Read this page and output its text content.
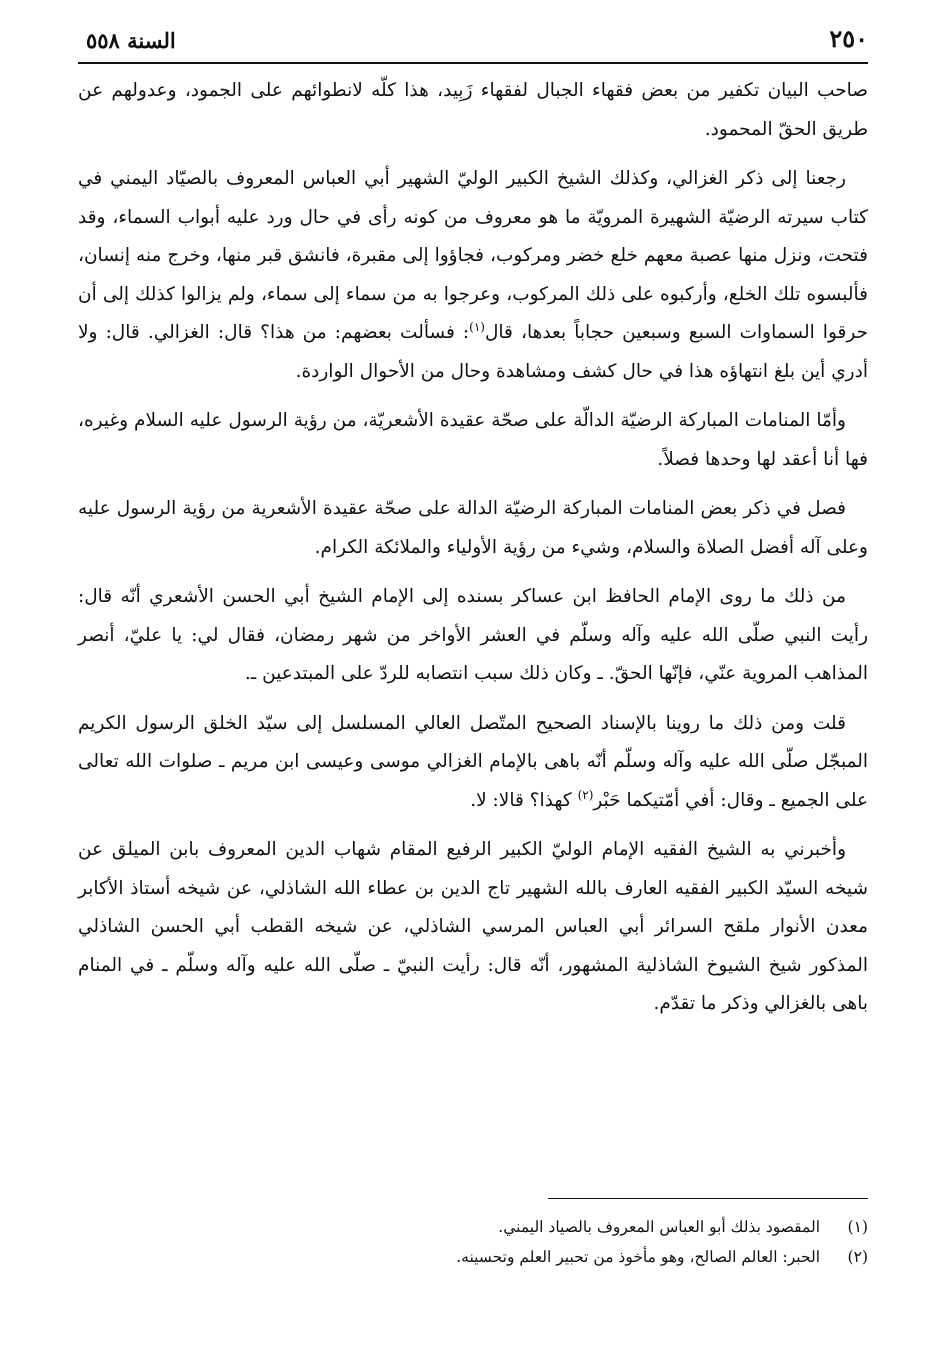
٢٥٠
السنة ٥٥٨

صاحب البيان تكفير من بعض فقهاء الجبال لفقهاء زَبِيد، هذا كلّه لانطوائهم على الجمود، وعدولهم عن طريق الحقّ المحمود.

رجعنا إلى ذكر الغزالي، وكذلك الشيخ الكبير الوليّ الشهير أبي العباس المعروف بالصيّاد اليمني في كتاب سيرته الرضيّة الشهيرة المرويّة ما هو معروف من كونه رأى في حال ورد عليه أبواب السماء، وقد فتحت، ونزل منها عصبة معهم خلع خضر ومركوب، فجاؤوا إلى مقبرة، فانشق قبر منها، وخرج منه إنسان، فألبسوه تلك الخلع، وأركبوه على ذلك المركوب، وعرجوا به من سماء إلى سماء، ولم يزالوا كذلك إلى أن حرقوا السماوات السبع وسبعين حجاباً بعدها، قال$^{(١)}$: فسألت بعضهم: من هذا؟ قال: الغزالي. قال: ولا أدري أين بلغ انتهاؤه هذا في حال كشف ومشاهدة وحال من الأحوال الواردة.

وأمّا المنامات المباركة الرضيّة الدالّة على صحّة عقيدة الأشعريّة، من رؤية الرسول عليه السلام وغيره، فها أنا أعقد لها وحدها فصلاً.

فصل في ذكر بعض المنامات المباركة الرضيّة الدالة على صحّة عقيدة الأشعرية من رؤية الرسول عليه وعلى آله أفضل الصلاة والسلام، وشيء من رؤية الأولياء والملائكة الكرام.

من ذلك ما روى الإمام الحافظ ابن عساكر بسنده إلى الإمام الشيخ أبي الحسن الأشعري أنّه قال: رأيت النبي صلّى الله عليه وآله وسلّم في العشر الأواخر من شهر رمضان، فقال لي: يا عليّ، أنصر المذاهب المروية عنّي، فإنّها الحقّ. ـ وكان ذلك سبب انتصابه للردّ على المبتدعين ـ.

قلت ومن ذلك ما روينا بالإسناد الصحيح المتّصل العالي المسلسل إلى سيّد الخلق الرسول الكريم المبجّل صلّى الله عليه وآله وسلّم أنّه باهى بالإمام الغزالي موسى وعيسى ابن مريم ـ صلوات الله تعالى على الجميع ـ وقال: أفي أمّتيكما حَبْر$^{(٢)}$ كهذا؟ قالا: لا.

وأخبرني به الشيخ الفقيه الإمام الوليّ الكبير الرفيع المقام شهاب الدين المعروف بابن الميلق عن شيخه السيّد الكبير الفقيه العارف بالله الشهير تاج الدين بن عطاء الله الشاذلي، عن شيخه أستاذ الأكابر معدن الأنوار ملقح السرائر أبي العباس المرسي الشاذلي، عن شيخه القطب أبي الحسن الشاذلي المذكور شيخ الشيوخ الشاذلية المشهور، أنّه قال: رأيت النبيّ ـ صلّى الله عليه وآله وسلّم ـ في المنام باهى بالغزالي وذكر ما تقدّم.

(١)
المقصود بذلك أبو العباس المعروف بالصياد اليمني.

(٢)
الحبر: العالم الصالح، وهو مأخوذ من تحبير العلم وتحسينه.
